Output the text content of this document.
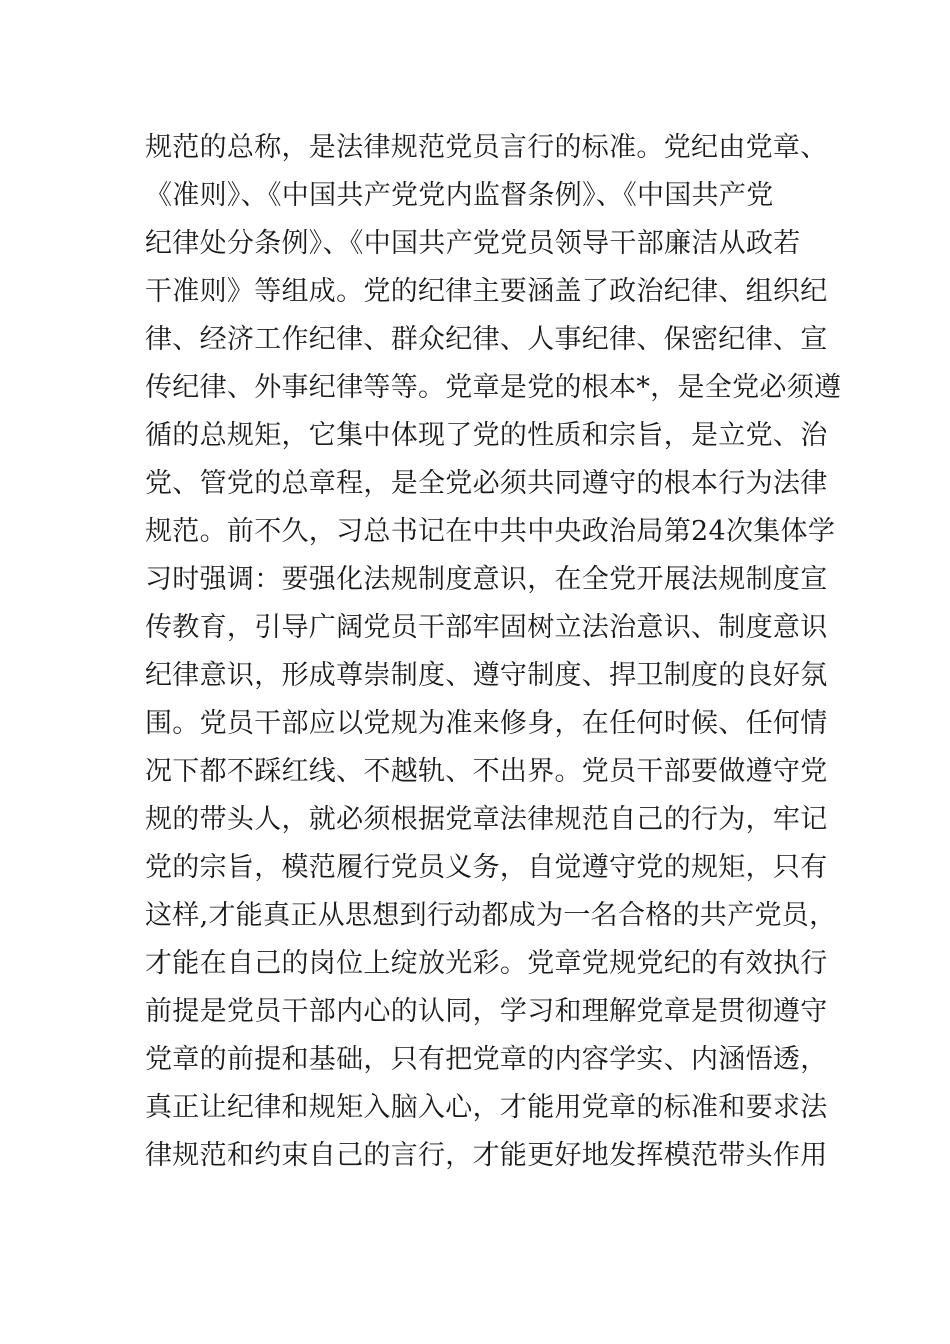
规范的总称，是法律规范党员言行的标准。党纪由党章、
《准则》、《中国共产党党内监督条例》、《中国共产党
纪律处分条例》、《中国共产党党员领导干部廉洁从政若
干准则》等组成。党的纪律主要涵盖了政治纪律、组织纪
律、经济工作纪律、群众纪律、人事纪律、保密纪律、宣
传纪律、外事纪律等等。党章是党的根本*，是全党必须遵
循的总规矩，它集中体现了党的性质和宗旨，是立党、治
党、管党的总章程，是全党必须共同遵守的根本行为法律
规范。前不久，习总书记在中共中央政治局第24次集体学
习时强调：要强化法规制度意识，在全党开展法规制度宣
传教育，引导广阔党员干部牢固树立法治意识、制度意识
纪律意识，形成尊崇制度、遵守制度、捍卫制度的良好氛
围。党员干部应以党规为准来修身，在任何时候、任何情
况下都不踩红线、不越轨、不出界。党员干部要做遵守党
规的带头人，就必须根据党章法律规范自己的行为，牢记
党的宗旨，模范履行党员义务，自觉遵守党的规矩，只有
这样,才能真正从思想到行动都成为一名合格的共产党员，
才能在自己的岗位上绽放光彩。党章党规党纪的有效执行
前提是党员干部内心的认同，学习和理解党章是贯彻遵守
党章的前提和基础，只有把党章的内容学实、内涵悟透，
真正让纪律和规矩入脑入心，才能用党章的标准和要求法
律规范和约束自己的言行，才能更好地发挥模范带头作用
